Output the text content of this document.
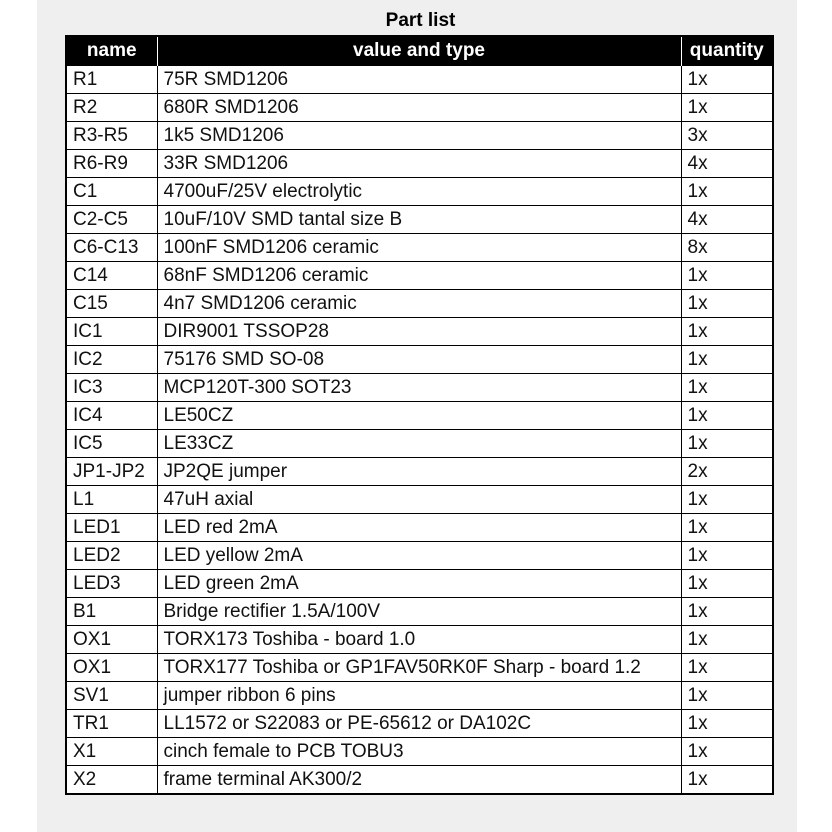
Part list
name	value and type	quantity
R1	75R SMD1206	1x
R2	680R SMD1206	1x
R3-R5	1k5 SMD1206	3x
R6-R9	33R SMD1206	4x
C1	4700uF/25V electrolytic	1x
C2-C5	10uF/10V SMD tantal size B	4x
C6-C13	100nF SMD1206 ceramic	8x
C14	68nF SMD1206 ceramic	1x
C15	4n7 SMD1206 ceramic	1x
IC1	DIR9001 TSSOP28	1x
IC2	75176 SMD SO-08	1x
IC3	MCP120T-300 SOT23	1x
IC4	LE50CZ	1x
IC5	LE33CZ	1x
JP1-JP2	JP2QE jumper	2x
L1	47uH axial	1x
LED1	LED red 2mA	1x
LED2	LED yellow 2mA	1x
LED3	LED green 2mA	1x
B1	Bridge rectifier 1.5A/100V	1x
OX1	TORX173 Toshiba - board 1.0	1x
OX1	TORX177 Toshiba or GP1FAV50RK0F Sharp - board 1.2	1x
SV1	jumper ribbon 6 pins	1x
TR1	LL1572 or S22083 or PE-65612 or DA102C	1x
X1	cinch female to PCB TOBU3	1x
X2	frame terminal AK300/2	1x
